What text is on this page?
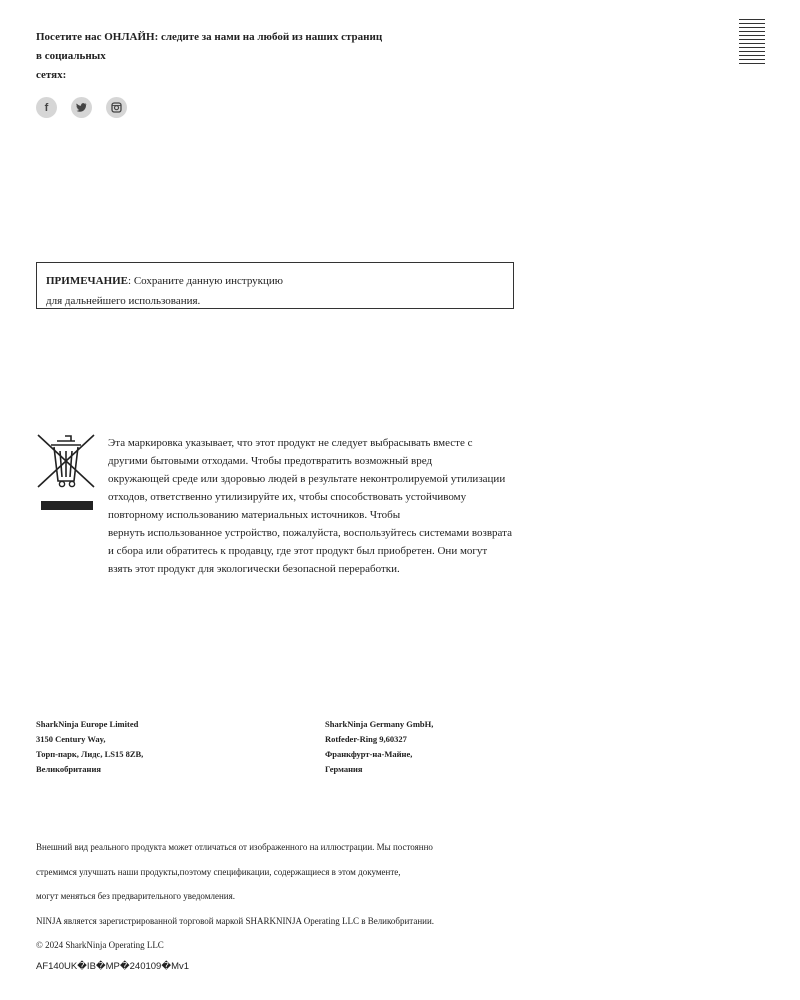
Посетите нас ОНЛАЙН: следите за нами на любой из наших страниц
в социальных
сетях:
f
ПРИМЕЧАНИЕ: Сохраните данную инструкцию
для дальнейшего использования.
Эта маркировка указывает, что этот продукт не следует выбрасывать вместе с
другими бытовыми отходами. Чтобы предотвратить возможный вред
окружающей среде или здоровью людей в результате неконтролируемой утилизации
отходов, ответственно утилизируйте их, чтобы способствовать устойчивому
повторному использованию материальных источников. Чтобы
вернуть использованное устройство, пожалуйста, воспользуйтесь системами возврата
и сбора или обратитесь к продавцу, где этот продукт был приобретен. Они могут
взять этот продукт для экологически безопасной переработки.
SharkNinja Europe Limited
3150 Century Way,
Торп-парк, Лидс, LS15 8ZB,
Великобритания
SharkNinja Germany GmbH,
Rotfeder-Ring 9,60327
Франкфурт-на-Майне,
Германия
Внешний вид реального продукта может отличаться от изображенного на иллюстрации. Мы постоянно
стремимся улучшать наши продукты,поэтому спецификации, содержащиеся в этом документе,
могут меняться без предварительного уведомления.
NINJA является зарегистрированной торговой маркой SHARKNINJA Operating LLC в Великобритании.
© 2024 SharkNinja Operating LLC
AF140UK�IB�MP�240109�Mv1
